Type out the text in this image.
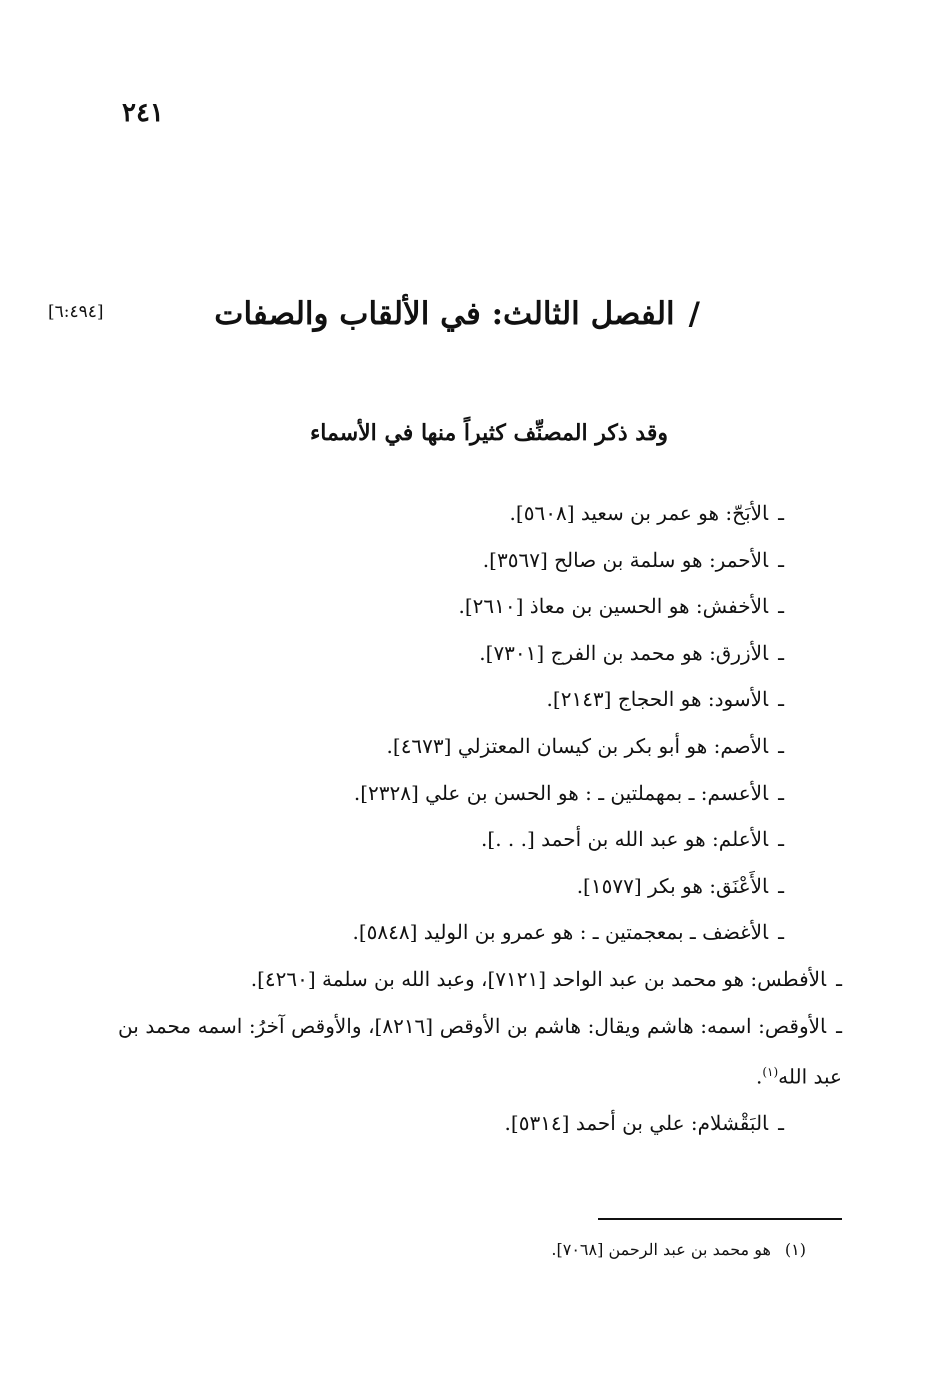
٢٤١
/الفصل الثالث: في الألقاب والصفات
[٦:٤٩٤]
وقد ذكر المصنِّف كثيراً منها في الأسماء
ـالأبَحّ: هو عمر بن سعيد [٥٦٠٨].
ـالأحمر: هو سلمة بن صالح [٣٥٦٧].
ـالأخفش: هو الحسين بن معاذ [٢٦١٠].
ـالأزرق: هو محمد بن الفرج [٧٣٠١].
ـالأسود: هو الحجاج [٢١٤٣].
ـالأصم: هو أبو بكر بن كيسان المعتزلي [٤٦٧٣].
ـالأعسم: ـ بمهملتين ـ : هو الحسن بن علي [٢٣٢٨].
ـالأعلم: هو عبد الله بن أحمد [. . .].
ـالأَعْنَق: هو بكر [١٥٧٧].
ـالأغضف ـ بمعجمتين ـ : هو عمرو بن الوليد [٥٨٤٨].
ـالأفطس: هو محمد بن عبد الواحد [٧١٢١]، وعبد الله بن سلمة [٤٢٦٠].
ـالأوقص: اسمه: هاشم ويقال: هاشم بن الأوقص [٨٢١٦]، والأوقص آخرُ: اسمه محمد بن عبد الله$^{(١)}$.
ـالبَقْشلام: علي بن أحمد [٥٣١٤].
(١)هو محمد بن عبد الرحمن [٧٠٦٨].
